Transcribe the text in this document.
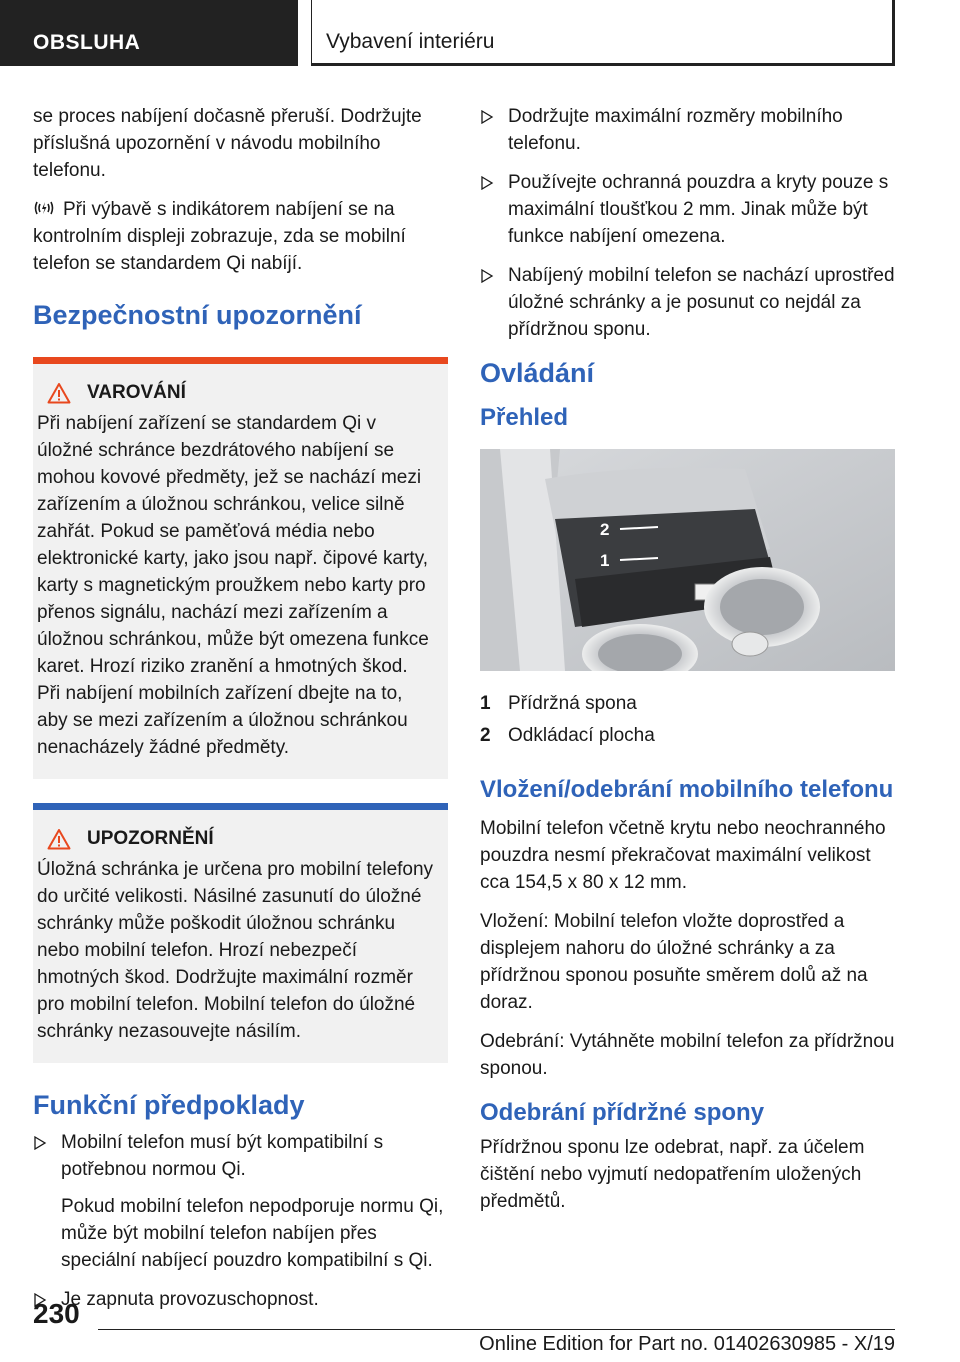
OBSLUHA	Vybavení interiéru

se proces nabíjení dočasně přeruší. Dodržujte příslušná upozornění v návodu mobilního telefonu.

Při výbavě s indikátorem nabíjení se na kontrolním displeji zobrazuje, zda se mobilní telefon se standardem Qi nabíjí.

Bezpečnostní upozornění
VAROVÁNÍ

Při nabíjení zařízení se standardem Qi v úložné schránce bezdrátového nabíjení se mohou kovové předměty, jež se nachází mezi zařízením a úložnou schránkou, velice silně zahřát. Pokud se paměťová média nebo elektronické karty, jako jsou např. čipové karty, karty s magnetickým proužkem nebo karty pro přenos signálu, nachází mezi zařízením a úložnou schránkou, může být omezena funkce karet. Hrozí riziko zranění a hmotných škod. Při nabíjení mobilních zařízení dbejte na to, aby se mezi zařízením a úložnou schránkou nenacházely žádné předměty.

UPOZORNĚNÍ

Úložná schránka je určena pro mobilní telefony do určité velikosti. Násilné zasunutí do úložné schránky může poškodit úložnou schránku nebo mobilní telefon. Hrozí nebezpečí hmotných škod. Dodržujte maximální rozměr pro mobilní telefon. Mobilní telefon do úložné schránky nezasouvejte násilím.

Funkční předpoklady
Mobilní telefon musí být kompatibilní s potřebnou normou Qi.
Pokud mobilní telefon nepodporuje normu Qi, může být mobilní telefon nabíjen přes speciální nabíjecí pouzdro kompatibilní s Qi.
Je zapnuta provozuschopnost.
Dodržujte maximální rozměry mobilního telefonu.
Používejte ochranná pouzdra a kryty pouze s maximální tloušťkou 2 mm. Jinak může být funkce nabíjení omezena.
Nabíjený mobilní telefon se nachází uprostřed úložné schránky a je posunut co nejdál za přídržnou sponu.
Ovládání
Přehled
2
1
1 Přídržná spona
2 Odkládací plocha
Vložení/odebrání mobilního telefonu

Mobilní telefon včetně krytu nebo neochranného pouzdra nesmí překračovat maximální velikost cca 154,5 x 80 x 12 mm.

Vložení: Mobilní telefon vložte doprostřed a displejem nahoru do úložné schránky a za přídržnou sponou posuňte směrem dolů až na doraz.

Odebrání: Vytáhněte mobilní telefon za přídržnou sponou.

Odebrání přídržné spony

Přídržnou sponu lze odebrat, např. za účelem čištění nebo vyjmutí nedopatřením uložených předmětů.

230
Online Edition for Part no. 01402630985 - X/19
